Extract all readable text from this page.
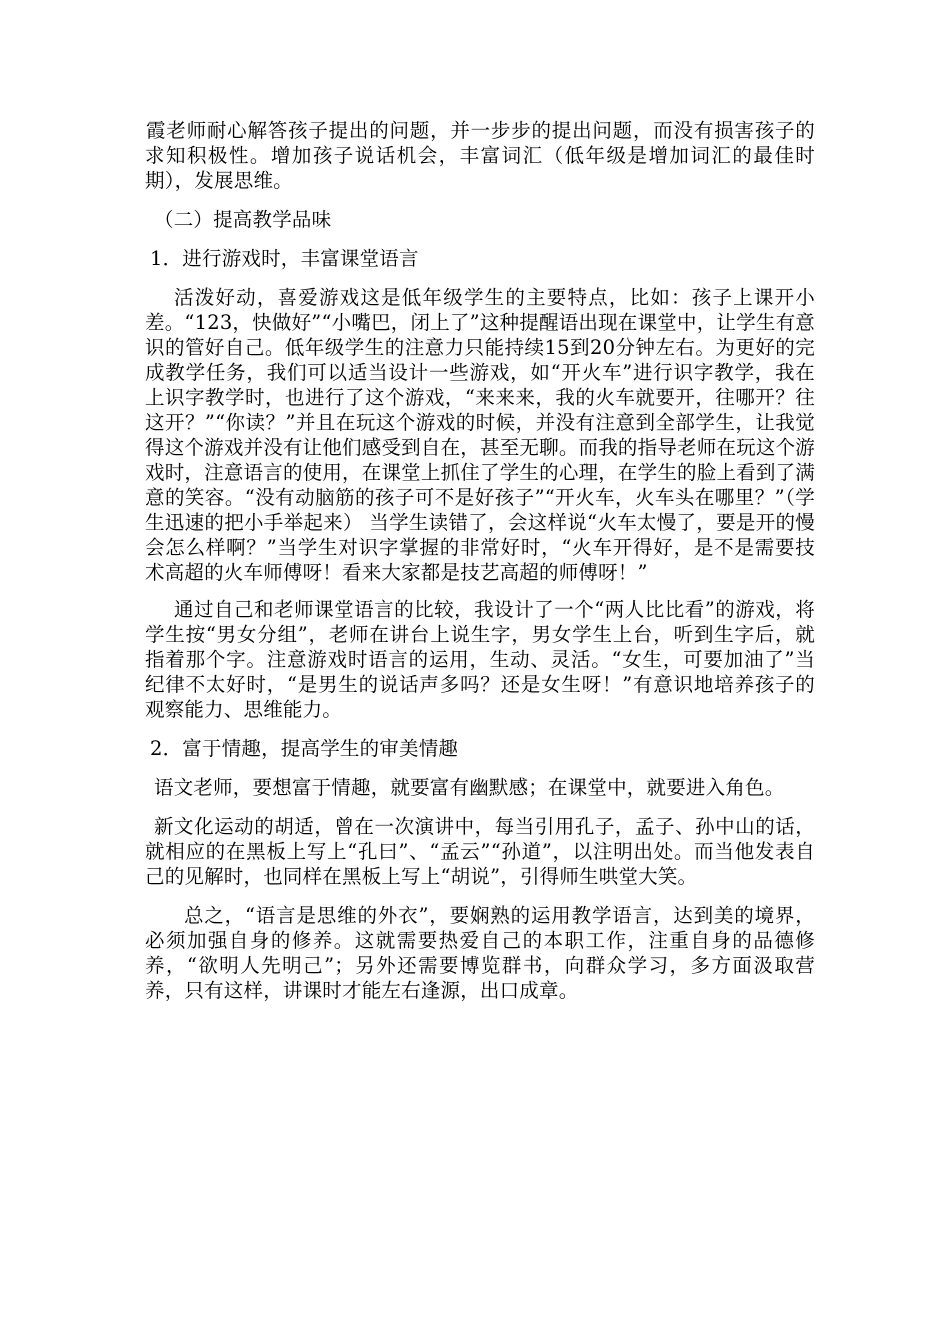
霞老师耐心解答孩子提出的问题，并一步步的提出问题，而没有损害孩子的求知积极性。增加孩子说话机会，丰富词汇（低年级是增加词汇的最佳时期），发展思维。

（二）提高教学品味

1．进行游戏时，丰富课堂语言

活泼好动，喜爱游戏这是低年级学生的主要特点，比如：孩子上课开小差。“123，快做好”“小嘴巴，闭上了”这种提醒语出现在课堂中，让学生有意识的管好自己。低年级学生的注意力只能持续15到20分钟左右。为更好的完成教学任务，我们可以适当设计一些游戏，如“开火车”进行识字教学，我在上识字教学时，也进行了这个游戏，“来来来，我的火车就要开，往哪开？往这开？”“你读？”并且在玩这个游戏的时候，并没有注意到全部学生，让我觉得这个游戏并没有让他们感受到自在，甚至无聊。而我的指导老师在玩这个游戏时，注意语言的使用，在课堂上抓住了学生的心理，在学生的脸上看到了满意的笑容。“没有动脑筋的孩子可不是好孩子”“开火车，火车头在哪里？”（学生迅速的把小手举起来） 当学生读错了，会这样说“火车太慢了，要是开的慢会怎么样啊？”当学生对识字掌握的非常好时，“火车开得好，是不是需要技术高超的火车师傅呀！看来大家都是技艺高超的师傅呀！”

通过自己和老师课堂语言的比较，我设计了一个“两人比比看”的游戏，将学生按“男女分组”，老师在讲台上说生字，男女学生上台，听到生字后，就指着那个字。注意游戏时语言的运用，生动、灵活。“女生，可要加油了”当纪律不太好时，“是男生的说话声多吗？还是女生呀！”有意识地培养孩子的观察能力、思维能力。

2．富于情趣，提高学生的审美情趣

语文老师，要想富于情趣，就要富有幽默感；在课堂中，就要进入角色。

新文化运动的胡适，曾在一次演讲中，每当引用孔子，孟子、孙中山的话，就相应的在黑板上写上“孔曰”、“孟云”“孙道”，以注明出处。而当他发表自己的见解时，也同样在黑板上写上“胡说”，引得师生哄堂大笑。

总之，“语言是思维的外衣”，要娴熟的运用教学语言，达到美的境界，必须加强自身的修养。这就需要热爱自己的本职工作，注重自身的品德修养，“欲明人先明己”；另外还需要博览群书，向群众学习，多方面汲取营养，只有这样，讲课时才能左右逢源，出口成章。
